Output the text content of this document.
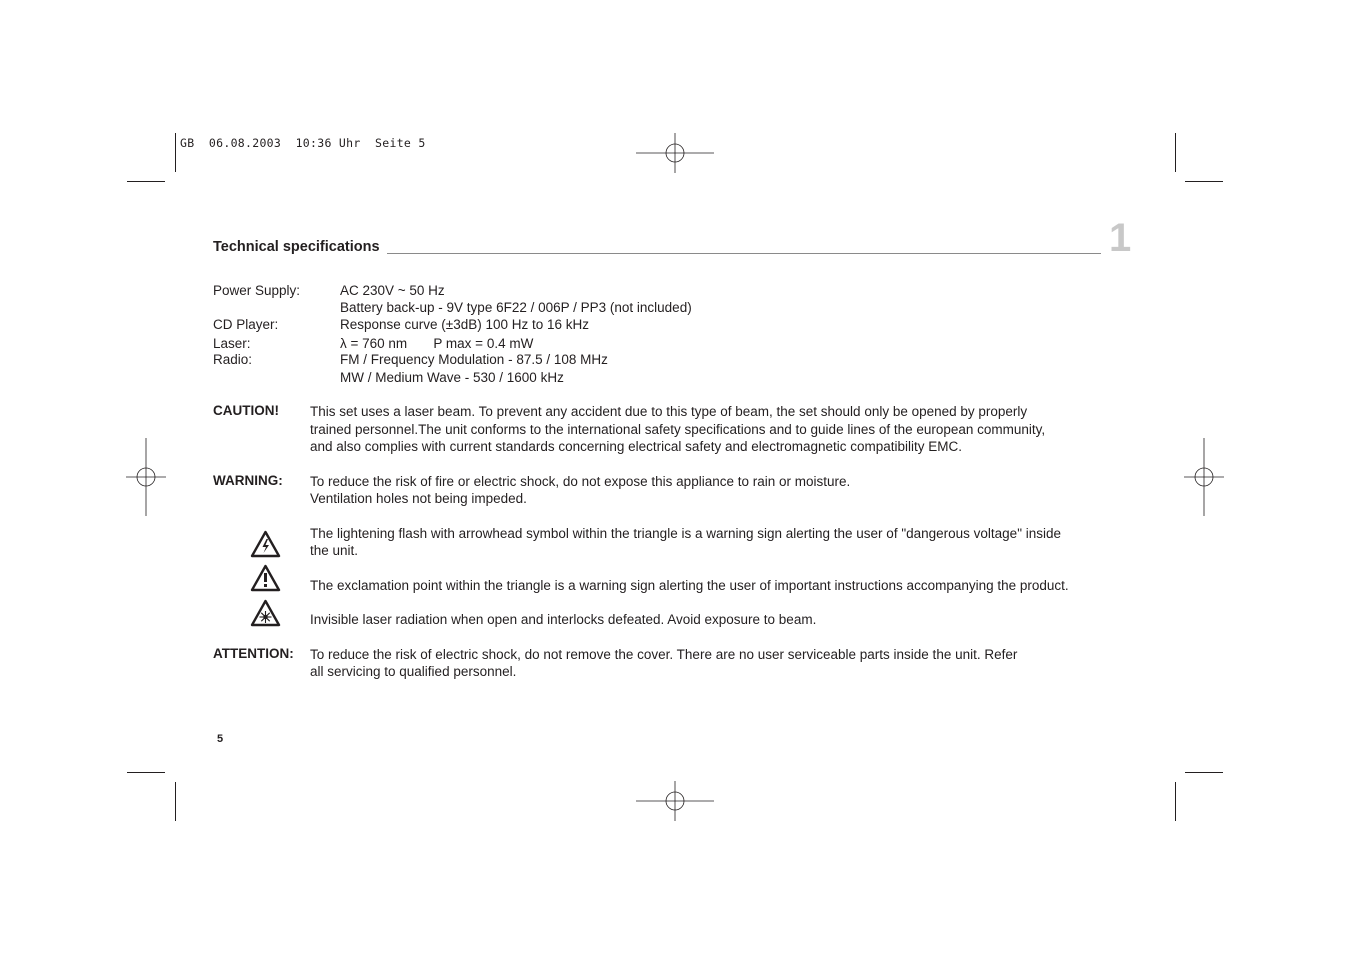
GB  06.08.2003  10:36 Uhr  Seite 5
Technical specifications	1
Power Supply:	AC 230V ~ 50 Hz
Battery back-up - 9V type 6F22 / 006P / PP3 (not included)
CD Player:	Response curve (±3dB) 100 Hz to 16 kHz
Laser:	λ = 760 nm       P max = 0.4 mW
Radio:	FM / Frequency Modulation - 87.5 / 108 MHz
MW / Medium Wave - 530 / 1600 kHz
CAUTION! This set uses a laser beam. To prevent any accident due to this type of beam, the set should only be opened by properly
trained personnel.The unit conforms to the international safety specifications and to guide lines of the european community,
and also complies with current standards concerning electrical safety and electromagnetic compatibility EMC.
WARNING: To reduce the risk of fire or electric shock, do not expose this appliance to rain or moisture.
Ventilation holes not being impeded.
The lightening flash with arrowhead symbol within the triangle is a warning sign alerting the user of "dangerous voltage" inside
the unit.
The exclamation point within the triangle is a warning sign alerting the user of important instructions accompanying the product.
Invisible laser radiation when open and interlocks defeated. Avoid exposure to beam.
ATTENTION: To reduce the risk of electric shock, do not remove the cover. There are no user serviceable parts inside the unit. Refer
all servicing to qualified personnel.
5
